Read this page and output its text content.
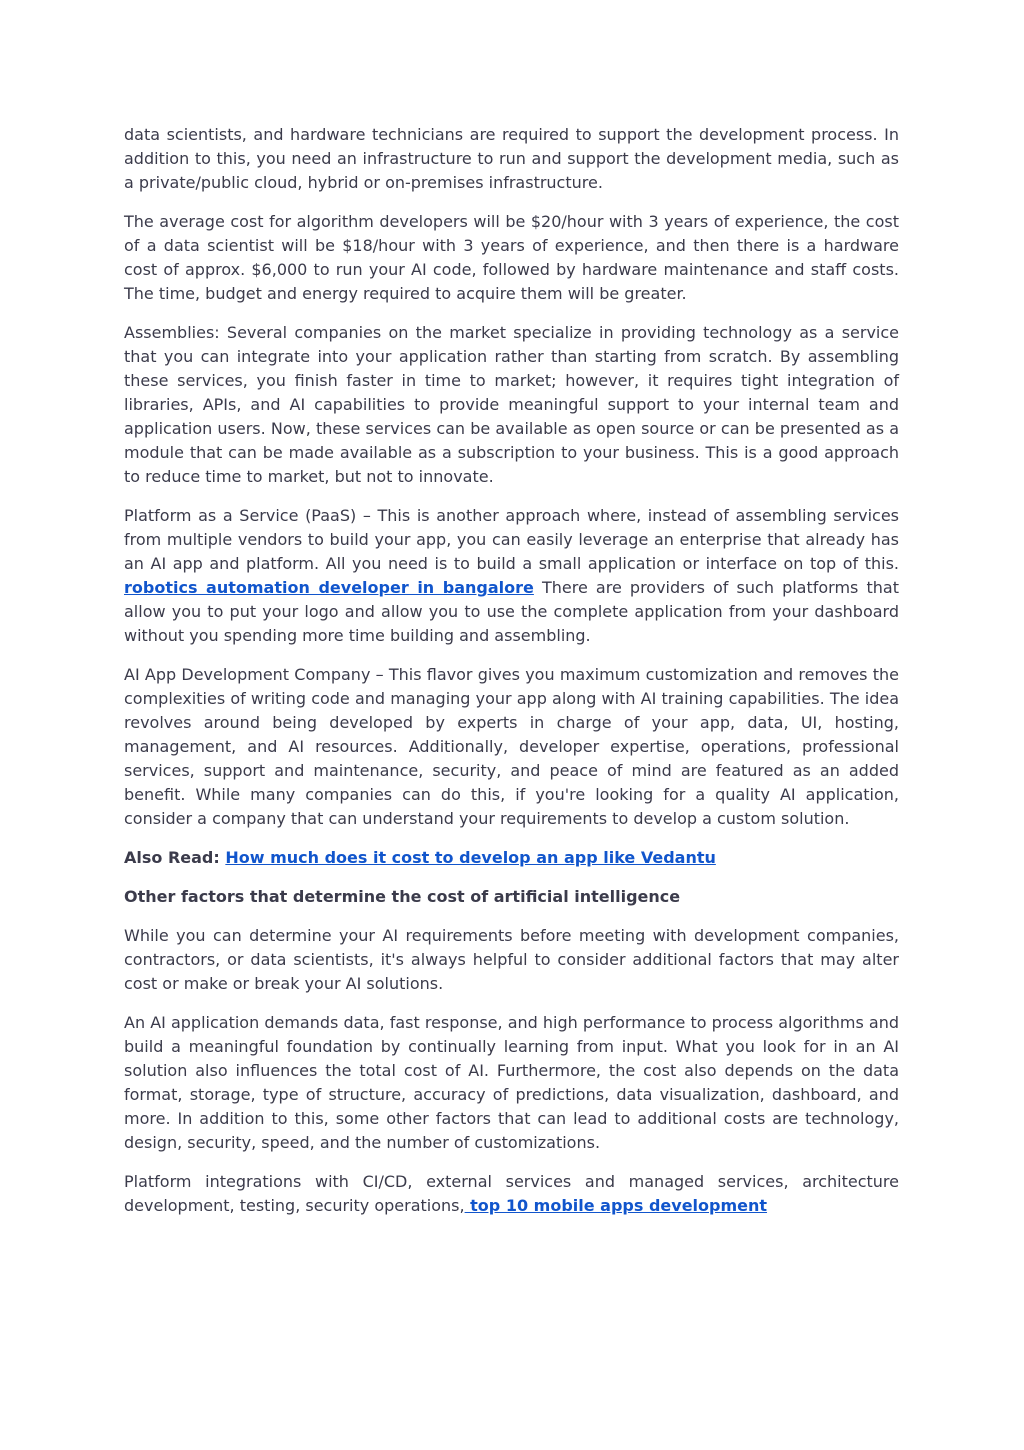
data scientists, and hardware technicians are required to support the development process. In addition to this, you need an infrastructure to run and support the development media, such as a private/public cloud, hybrid or on-premises infrastructure.

The average cost for algorithm developers will be $20/hour with 3 years of experience, the cost of a data scientist will be $18/hour with 3 years of experience, and then there is a hardware cost of approx. $6,000 to run your AI code, followed by hardware maintenance and staff costs. The time, budget and energy required to acquire them will be greater.

Assemblies: Several companies on the market specialize in providing technology as a service that you can integrate into your application rather than starting from scratch. By assembling these services, you finish faster in time to market; however, it requires tight integration of libraries, APIs, and AI capabilities to provide meaningful support to your internal team and application users. Now, these services can be available as open source or can be presented as a module that can be made available as a subscription to your business. This is a good approach to reduce time to market, but not to innovate.

Platform as a Service (PaaS) – This is another approach where, instead of assembling services from multiple vendors to build your app, you can easily leverage an enterprise that already has an AI app and platform. All you need is to build a small application or interface on top of this. robotics automation developer in bangalore There are providers of such platforms that allow you to put your logo and allow you to use the complete application from your dashboard without you spending more time building and assembling.

AI App Development Company – This flavor gives you maximum customization and removes the complexities of writing code and managing your app along with AI training capabilities. The idea revolves around being developed by experts in charge of your app, data, UI, hosting, management, and AI resources. Additionally, developer expertise, operations, professional services, support and maintenance, security, and peace of mind are featured as an added benefit. While many companies can do this, if you're looking for a quality AI application, consider a company that can understand your requirements to develop a custom solution.

Also Read: How much does it cost to develop an app like Vedantu

Other factors that determine the cost of artificial intelligence

While you can determine your AI requirements before meeting with development companies, contractors, or data scientists, it's always helpful to consider additional factors that may alter cost or make or break your AI solutions.

An AI application demands data, fast response, and high performance to process algorithms and build a meaningful foundation by continually learning from input. What you look for in an AI solution also influences the total cost of AI. Furthermore, the cost also depends on the data format, storage, type of structure, accuracy of predictions, data visualization, dashboard, and more. In addition to this, some other factors that can lead to additional costs are technology, design, security, speed, and the number of customizations.

Platform integrations with CI/CD, external services and managed services, architecture development, testing, security operations, top 10 mobile apps development
